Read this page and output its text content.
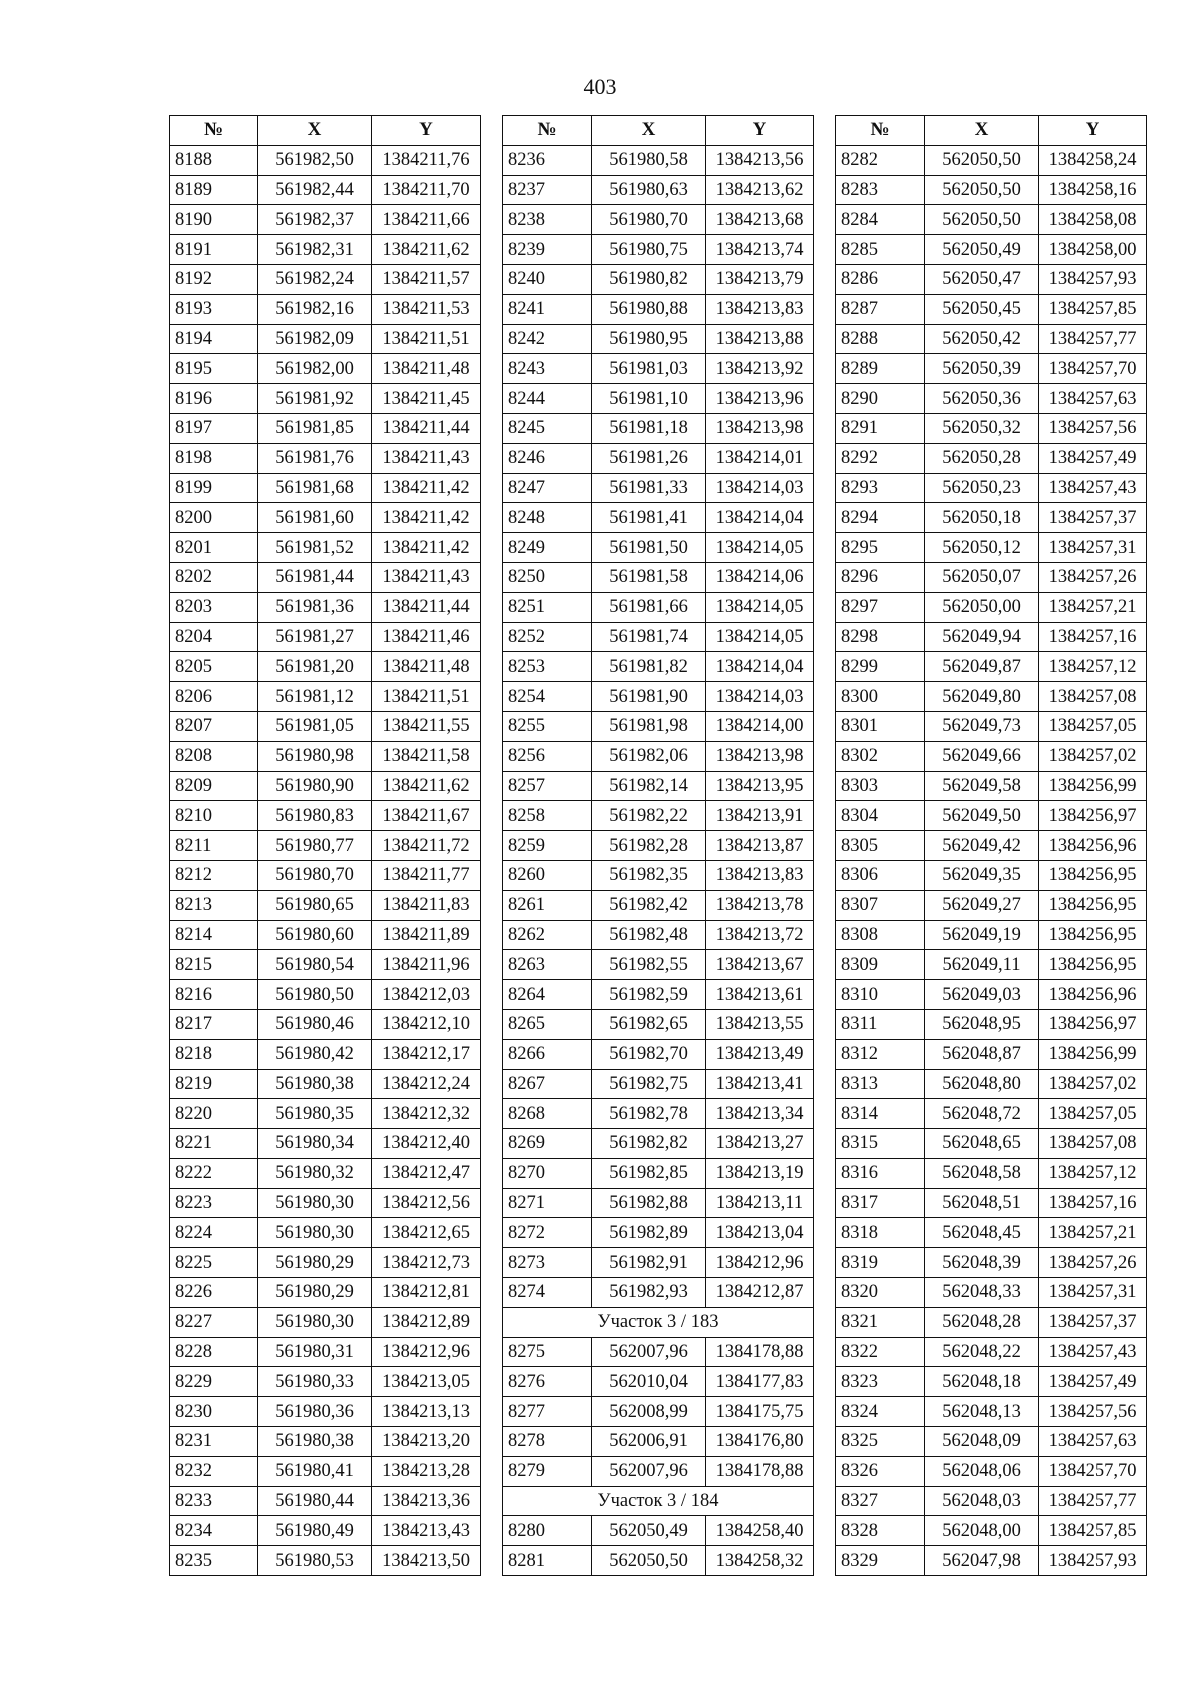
403
№	X	Y
8188	561982,50	1384211,76
8189	561982,44	1384211,70
8190	561982,37	1384211,66
8191	561982,31	1384211,62
8192	561982,24	1384211,57
8193	561982,16	1384211,53
8194	561982,09	1384211,51
8195	561982,00	1384211,48
8196	561981,92	1384211,45
8197	561981,85	1384211,44
8198	561981,76	1384211,43
8199	561981,68	1384211,42
8200	561981,60	1384211,42
8201	561981,52	1384211,42
8202	561981,44	1384211,43
8203	561981,36	1384211,44
8204	561981,27	1384211,46
8205	561981,20	1384211,48
8206	561981,12	1384211,51
8207	561981,05	1384211,55
8208	561980,98	1384211,58
8209	561980,90	1384211,62
8210	561980,83	1384211,67
8211	561980,77	1384211,72
8212	561980,70	1384211,77
8213	561980,65	1384211,83
8214	561980,60	1384211,89
8215	561980,54	1384211,96
8216	561980,50	1384212,03
8217	561980,46	1384212,10
8218	561980,42	1384212,17
8219	561980,38	1384212,24
8220	561980,35	1384212,32
8221	561980,34	1384212,40
8222	561980,32	1384212,47
8223	561980,30	1384212,56
8224	561980,30	1384212,65
8225	561980,29	1384212,73
8226	561980,29	1384212,81
8227	561980,30	1384212,89
8228	561980,31	1384212,96
8229	561980,33	1384213,05
8230	561980,36	1384213,13
8231	561980,38	1384213,20
8232	561980,41	1384213,28
8233	561980,44	1384213,36
8234	561980,49	1384213,43
8235	561980,53	1384213,50
№	X	Y
8236	561980,58	1384213,56
8237	561980,63	1384213,62
8238	561980,70	1384213,68
8239	561980,75	1384213,74
8240	561980,82	1384213,79
8241	561980,88	1384213,83
8242	561980,95	1384213,88
8243	561981,03	1384213,92
8244	561981,10	1384213,96
8245	561981,18	1384213,98
8246	561981,26	1384214,01
8247	561981,33	1384214,03
8248	561981,41	1384214,04
8249	561981,50	1384214,05
8250	561981,58	1384214,06
8251	561981,66	1384214,05
8252	561981,74	1384214,05
8253	561981,82	1384214,04
8254	561981,90	1384214,03
8255	561981,98	1384214,00
8256	561982,06	1384213,98
8257	561982,14	1384213,95
8258	561982,22	1384213,91
8259	561982,28	1384213,87
8260	561982,35	1384213,83
8261	561982,42	1384213,78
8262	561982,48	1384213,72
8263	561982,55	1384213,67
8264	561982,59	1384213,61
8265	561982,65	1384213,55
8266	561982,70	1384213,49
8267	561982,75	1384213,41
8268	561982,78	1384213,34
8269	561982,82	1384213,27
8270	561982,85	1384213,19
8271	561982,88	1384213,11
8272	561982,89	1384213,04
8273	561982,91	1384212,96
8274	561982,93	1384212,87
Участок 3 / 183		
8275	562007,96	1384178,88
8276	562010,04	1384177,83
8277	562008,99	1384175,75
8278	562006,91	1384176,80
8279	562007,96	1384178,88
Участок 3 / 184		
8280	562050,49	1384258,40
8281	562050,50	1384258,32
№	X	Y
8282	562050,50	1384258,24
8283	562050,50	1384258,16
8284	562050,50	1384258,08
8285	562050,49	1384258,00
8286	562050,47	1384257,93
8287	562050,45	1384257,85
8288	562050,42	1384257,77
8289	562050,39	1384257,70
8290	562050,36	1384257,63
8291	562050,32	1384257,56
8292	562050,28	1384257,49
8293	562050,23	1384257,43
8294	562050,18	1384257,37
8295	562050,12	1384257,31
8296	562050,07	1384257,26
8297	562050,00	1384257,21
8298	562049,94	1384257,16
8299	562049,87	1384257,12
8300	562049,80	1384257,08
8301	562049,73	1384257,05
8302	562049,66	1384257,02
8303	562049,58	1384256,99
8304	562049,50	1384256,97
8305	562049,42	1384256,96
8306	562049,35	1384256,95
8307	562049,27	1384256,95
8308	562049,19	1384256,95
8309	562049,11	1384256,95
8310	562049,03	1384256,96
8311	562048,95	1384256,97
8312	562048,87	1384256,99
8313	562048,80	1384257,02
8314	562048,72	1384257,05
8315	562048,65	1384257,08
8316	562048,58	1384257,12
8317	562048,51	1384257,16
8318	562048,45	1384257,21
8319	562048,39	1384257,26
8320	562048,33	1384257,31
8321	562048,28	1384257,37
8322	562048,22	1384257,43
8323	562048,18	1384257,49
8324	562048,13	1384257,56
8325	562048,09	1384257,63
8326	562048,06	1384257,70
8327	562048,03	1384257,77
8328	562048,00	1384257,85
8329	562047,98	1384257,93
